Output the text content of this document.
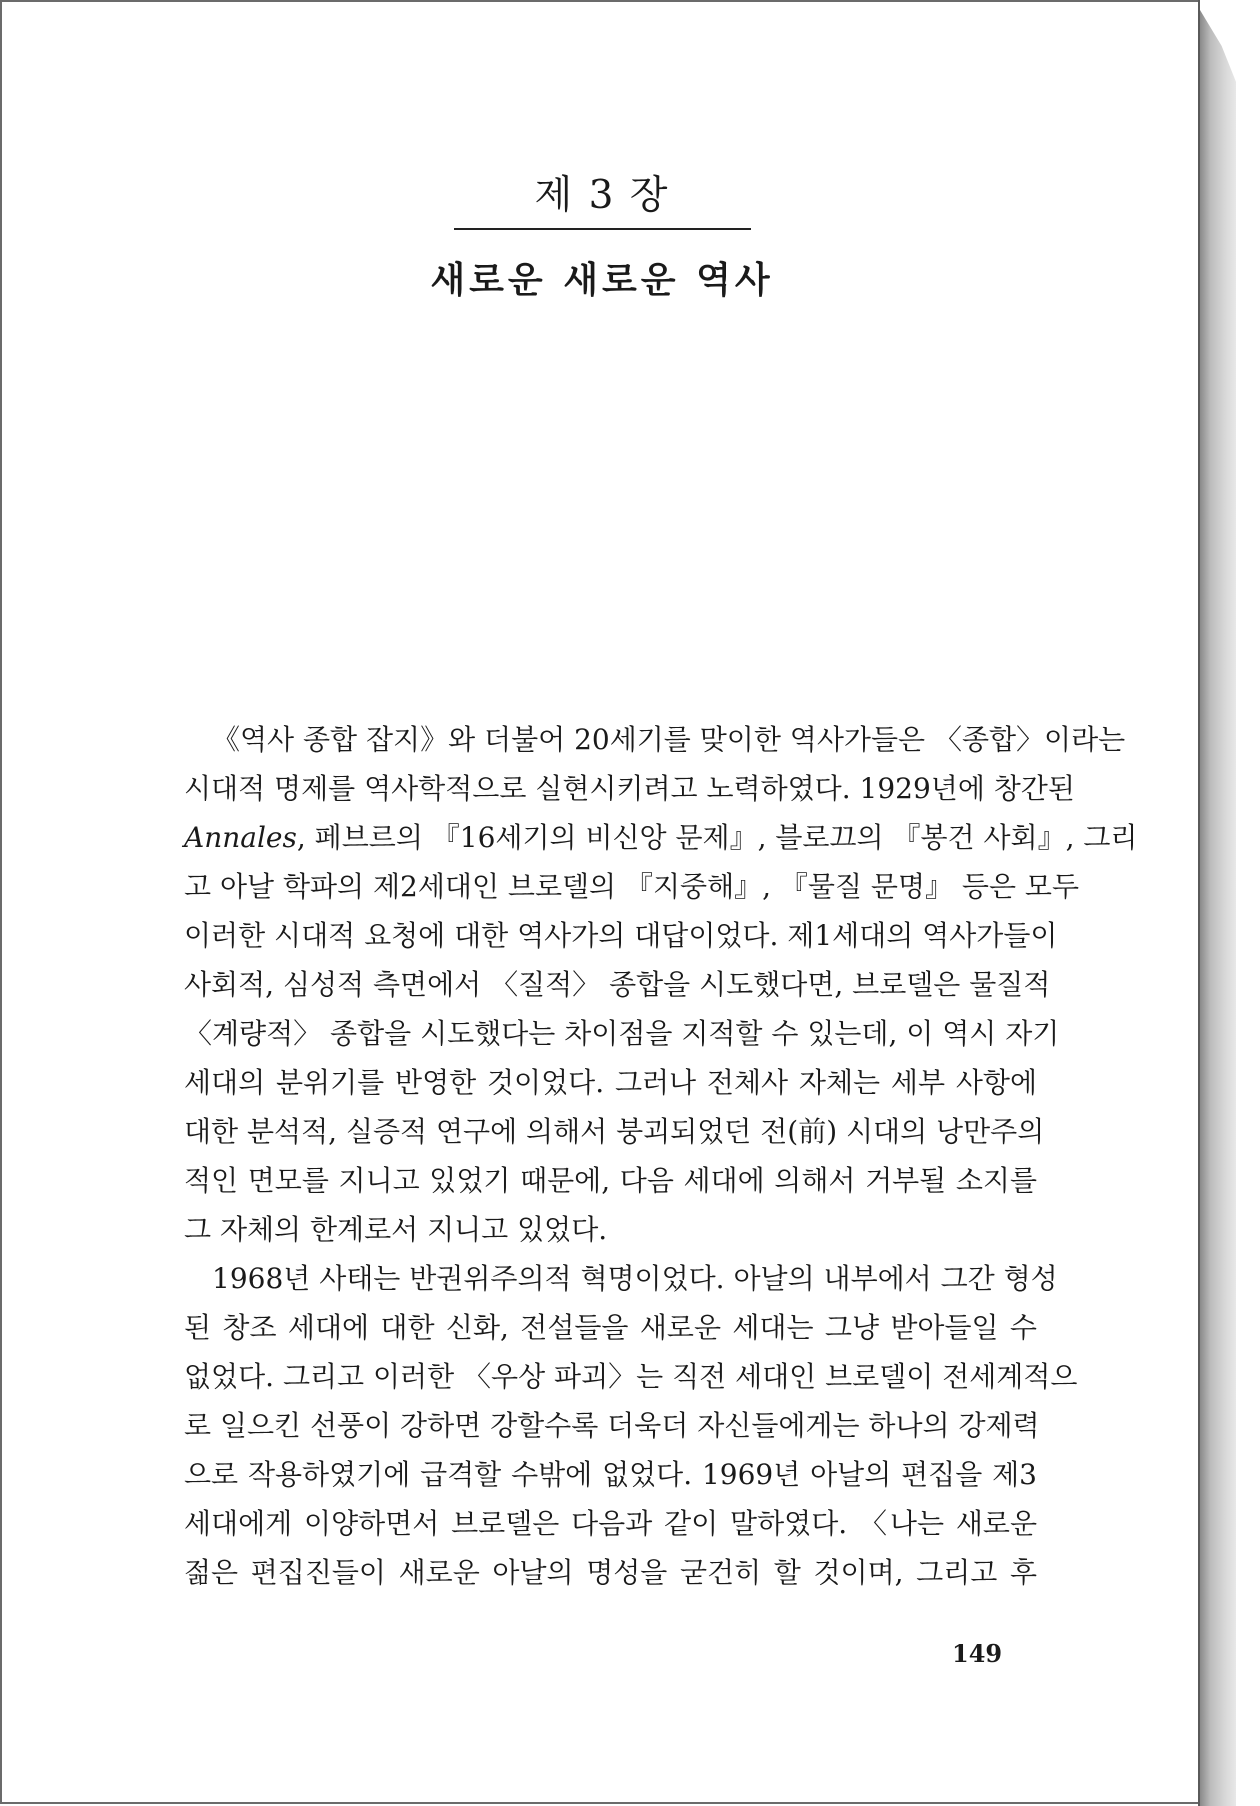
제 3 장
새로운 새로운 역사
《역사 종합 잡지》와 더불어 20세기를 맞이한 역사가들은 〈종합〉이라는
시대적 명제를 역사학적으로 실현시키려고 노력하였다. 1929년에 창간된
Annales, 페브르의 『16세기의 비신앙 문제』, 블로끄의 『봉건 사회』, 그리
고 아날 학파의 제2세대인 브로델의 『지중해』, 『물질 문명』 등은 모두
이러한 시대적 요청에 대한 역사가의 대답이었다. 제1세대의 역사가들이
사회적, 심성적 측면에서 〈질적〉 종합을 시도했다면, 브로델은 물질적
〈계량적〉 종합을 시도했다는 차이점을 지적할 수 있는데, 이 역시 자기
세대의 분위기를 반영한 것이었다. 그러나 전체사 자체는 세부 사항에
대한 분석적, 실증적 연구에 의해서 붕괴되었던 전(前) 시대의 낭만주의
적인 면모를 지니고 있었기 때문에, 다음 세대에 의해서 거부될 소지를
그 자체의 한계로서 지니고 있었다.
1968년 사태는 반권위주의적 혁명이었다. 아날의 내부에서 그간 형성
된 창조 세대에 대한 신화, 전설들을 새로운 세대는 그냥 받아들일 수
없었다. 그리고 이러한 〈우상 파괴〉는 직전 세대인 브로델이 전세계적으
로 일으킨 선풍이 강하면 강할수록 더욱더 자신들에게는 하나의 강제력
으로 작용하였기에 급격할 수밖에 없었다. 1969년 아날의 편집을 제3
세대에게 이양하면서 브로델은 다음과 같이 말하였다. 〈나는 새로운
젊은 편집진들이 새로운 아날의 명성을 굳건히 할 것이며, 그리고 후
149
